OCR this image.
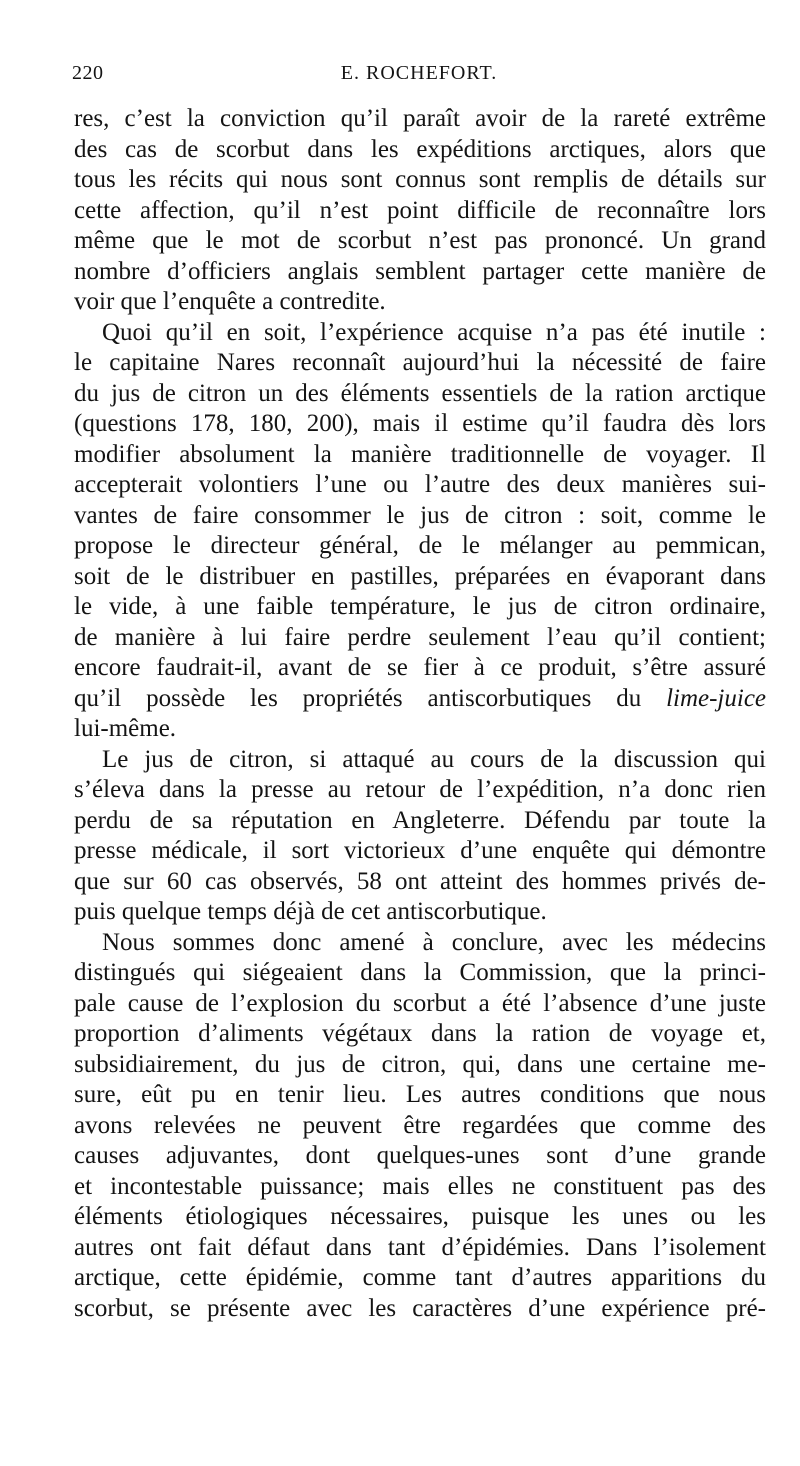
220	E. ROCHEFORT.
res, c’est la conviction qu’il paraît avoir de la rareté extrême
des cas de scorbut dans les expéditions arctiques, alors que
tous les récits qui nous sont connus sont remplis de détails sur
cette affection, qu’il n’est point difficile de reconnaître lors
même que le mot de scorbut n’est pas prononcé. Un grand
nombre d’officiers anglais semblent partager cette manière de
voir que l’enquête a contredite.
Quoi qu’il en soit, l’expérience acquise n’a pas été inutile :
le capitaine Nares reconnaît aujourd’hui la nécessité de faire
du jus de citron un des éléments essentiels de la ration arctique
(questions 178, 180, 200), mais il estime qu’il faudra dès lors
modifier absolument la manière traditionnelle de voyager. Il
accepterait volontiers l’une ou l’autre des deux manières sui-
vantes de faire consommer le jus de citron : soit, comme le
propose le directeur général, de le mélanger au pemmican,
soit de le distribuer en pastilles, préparées en évaporant dans
le vide, à une faible température, le jus de citron ordinaire,
de manière à lui faire perdre seulement l’eau qu’il contient;
encore faudrait-il, avant de se fier à ce produit, s’être assuré
qu’il possède les propriétés antiscorbutiques du lime-juice
lui-même.
Le jus de citron, si attaqué au cours de la discussion qui
s’éleva dans la presse au retour de l’expédition, n’a donc rien
perdu de sa réputation en Angleterre. Défendu par toute la
presse médicale, il sort victorieux d’une enquête qui démontre
que sur 60 cas observés, 58 ont atteint des hommes privés de-
puis quelque temps déjà de cet antiscorbutique.
Nous sommes donc amené à conclure, avec les médecins
distingués qui siégeaient dans la Commission, que la princi-
pale cause de l’explosion du scorbut a été l’absence d’une juste
proportion d’aliments végétaux dans la ration de voyage et,
subsidiairement, du jus de citron, qui, dans une certaine me-
sure, eût pu en tenir lieu. Les autres conditions que nous
avons relevées ne peuvent être regardées que comme des
causes adjuvantes, dont quelques-unes sont d’une grande
et incontestable puissance; mais elles ne constituent pas des
éléments étiologiques nécessaires, puisque les unes ou les
autres ont fait défaut dans tant d’épidémies. Dans l’isolement
arctique, cette épidémie, comme tant d’autres apparitions du
scorbut, se présente avec les caractères d’une expérience pré-
